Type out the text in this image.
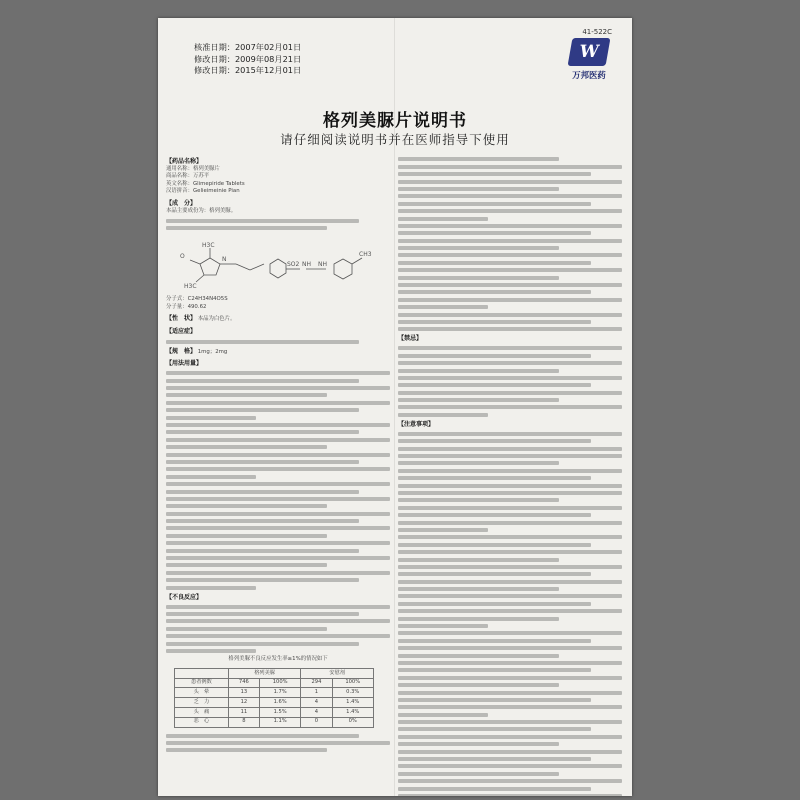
核准日期：2007年02月01日
修改日期：2009年08月21日
修改日期：2015年12月01日
41-522C
W
万邦医药
格列美脲片说明书
请仔细阅读说明书并在医师指导下使用
【药品名称】
通用名称：格列美脲片
商品名称：万苏平
英文名称：Glimepiride Tablets
汉语拼音：Gelieimeinie Pian
【成　分】
本品主要成份为：格列美脲。
H3C
O
H3C
N
SO2 NH NH
CH3
分子式：C24H34N4O5S
分子量：490.62
【性　状】 本品为白色片。
【适应症】
【规　格】 1mg；2mg
【用法用量】
【不良反应】
格列美脲不良反应发生率≥1%的情况如下
	格列美脲		安慰剂	
患者例数	746	100%	294	100%
头　晕	13	1.7%	1	0.3%
乏　力	12	1.6%	4	1.4%
头　痛	11	1.5%	4	1.4%
恶　心	8	1.1%	0	0%
【禁忌】
【注意事项】
